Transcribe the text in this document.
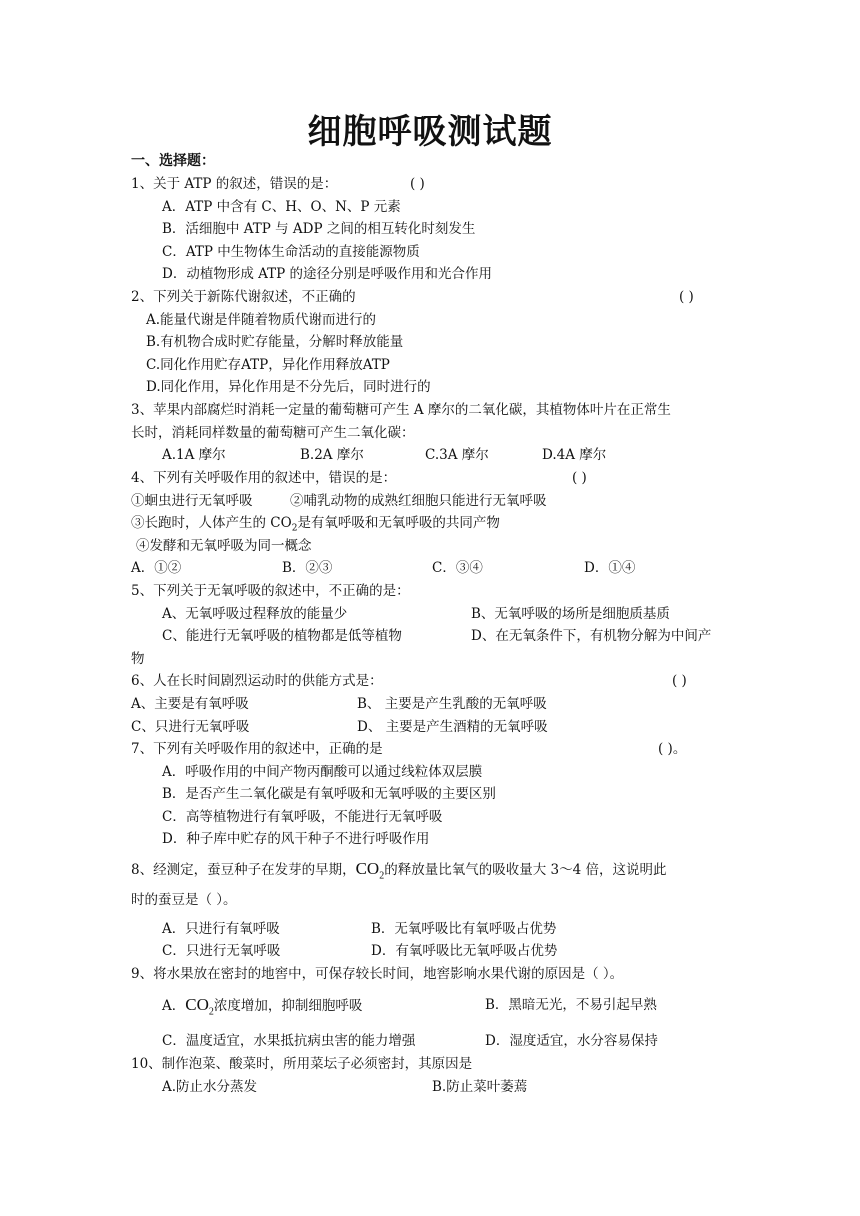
细胞呼吸测试题
一、选择题：
1、关于 ATP 的叙述，错误的是：	( )
A．ATP 中含有 C、H、O、N、P 元素
B．活细胞中 ATP 与 ADP 之间的相互转化时刻发生
C．ATP 中生物体生命活动的直接能源物质
D．动植物形成 ATP 的途径分别是呼吸作用和光合作用
2、下列关于新陈代谢叙述，不正确的	( )
A.能量代谢是伴随着物质代谢而进行的
B.有机物合成时贮存能量，分解时释放能量
C.同化作用贮存ATP，异化作用释放ATP
D.同化作用，异化作用是不分先后，同时进行的
3、苹果内部腐烂时消耗一定量的葡萄糖可产生 A 摩尔的二氧化碳，其植物体叶片在正常生
长时，消耗同样数量的葡萄糖可产生二氧化碳：
A.1A 摩尔	B.2A 摩尔	C.3A 摩尔	D.4A 摩尔
4、下列有关呼吸作用的叙述中，错误的是：	( )
①蛔虫进行无氧呼吸	②哺乳动物的成熟红细胞只能进行无氧呼吸
③长跑时，人体产生的 $CO_2$是有氧呼吸和无氧呼吸的共同产物
④发酵和无氧呼吸为同一概念
A．①②	B．②③	C．③④	D．①④
5、下列关于无氧呼吸的叙述中，不正确的是：
A、无氧呼吸过程释放的能量少	B、无氧呼吸的场所是细胞质基质
C、能进行无氧呼吸的植物都是低等植物	D、在无氧条件下，有机物分解为中间产
物
6、人在长时间剧烈运动时的供能方式是：	( )
A、主要是有氧呼吸	B、 主要是产生乳酸的无氧呼吸
C、只进行无氧呼吸	D、 主要是产生酒精的无氧呼吸
7、下列有关呼吸作用的叙述中，正确的是	( )。
A．呼吸作用的中间产物丙酮酸可以通过线粒体双层膜
B．是否产生二氧化碳是有氧呼吸和无氧呼吸的主要区别
C．高等植物进行有氧呼吸，不能进行无氧呼吸
D．种子库中贮存的风干种子不进行呼吸作用
8、经测定，蚕豆种子在发芽的早期，$CO_2$的释放量比氧气的吸收量大 3～4 倍，这说明此
时的蚕豆是（ ）。
A．只进行有氧呼吸	B．无氧呼吸比有氧呼吸占优势
C．只进行无氧呼吸	D．有氧呼吸比无氧呼吸占优势
9、将水果放在密封的地窖中，可保存较长时间，地窖影响水果代谢的原因是（ ）。
A．$CO_2$浓度增加，抑制细胞呼吸	B．黑暗无光，不易引起早熟
C．温度适宜，水果抵抗病虫害的能力增强	D．湿度适宜，水分容易保持
10、制作泡菜、酸菜时，所用菜坛子必须密封，其原因是
A.防止水分蒸发	B.防止菜叶萎蔫
